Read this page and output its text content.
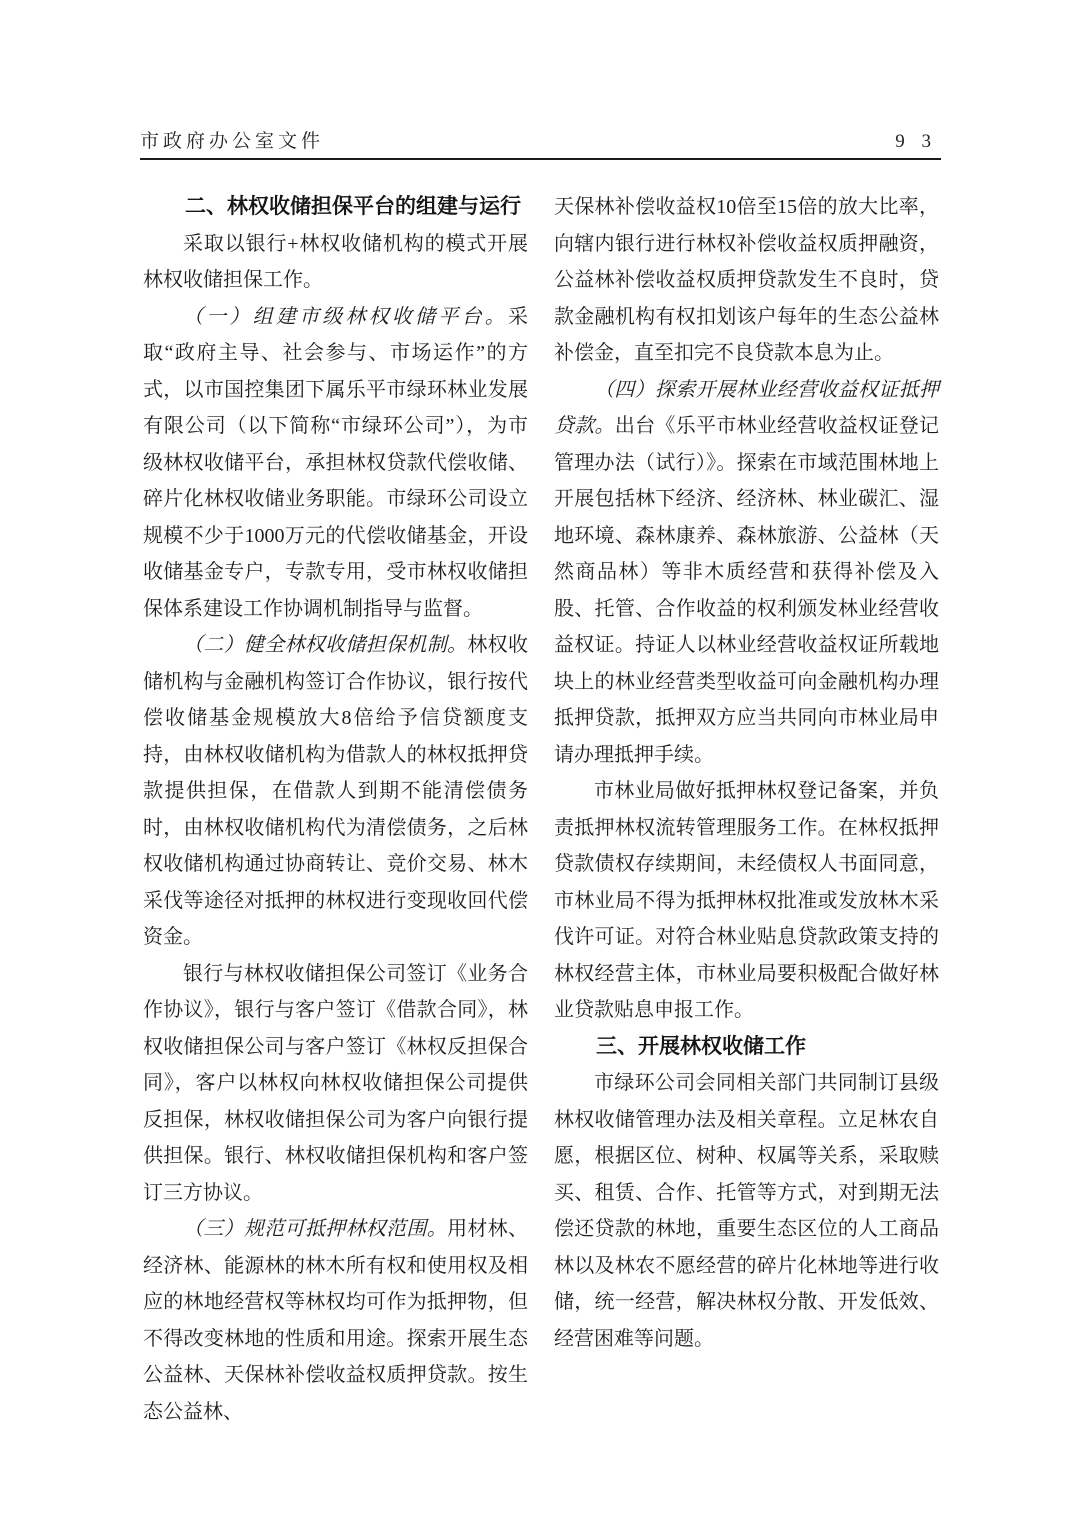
市政府办公室文件	9 3
二、林权收储担保平台的组建与运行

采取以银行+林权收储机构的模式开展林权收储担保工作。

（一）组建市级林权收储平台。采取“政府主导、社会参与、市场运作”的方式，以市国控集团下属乐平市绿环林业发展有限公司（以下简称“市绿环公司”），为市级林权收储平台，承担林权贷款代偿收储、碎片化林权收储业务职能。市绿环公司设立规模不少于1000万元的代偿收储基金，开设收储基金专户，专款专用，受市林权收储担保体系建设工作协调机制指导与监督。

（二）健全林权收储担保机制。林权收储机构与金融机构签订合作协议，银行按代偿收储基金规模放大8倍给予信贷额度支持，由林权收储机构为借款人的林权抵押贷款提供担保，在借款人到期不能清偿债务时，由林权收储机构代为清偿债务，之后林权收储机构通过协商转让、竞价交易、林木采伐等途径对抵押的林权进行变现收回代偿资金。

银行与林权收储担保公司签订《业务合作协议》，银行与客户签订《借款合同》，林权收储担保公司与客户签订《林权反担保合同》，客户以林权向林权收储担保公司提供反担保，林权收储担保公司为客户向银行提供担保。银行、林权收储担保机构和客户签订三方协议。

（三）规范可抵押林权范围。用材林、经济林、能源林的林木所有权和使用权及相应的林地经营权等林权均可作为抵押物，但不得改变林地的性质和用途。探索开展生态公益林、天保林补偿收益权质押贷款。按生态公益林、

天保林补偿收益权10倍至15倍的放大比率，向辖内银行进行林权补偿收益权质押融资，公益林补偿收益权质押贷款发生不良时，贷款金融机构有权扣划该户每年的生态公益林补偿金，直至扣完不良贷款本息为止。

（四）探索开展林业经营收益权证抵押贷款。出台《乐平市林业经营收益权证登记管理办法（试行）》。探索在市域范围林地上开展包括林下经济、经济林、林业碳汇、湿地环境、森林康养、森林旅游、公益林（天然商品林）等非木质经营和获得补偿及入股、托管、合作收益的权利颁发林业经营收益权证。持证人以林业经营收益权证所载地块上的林业经营类型收益可向金融机构办理抵押贷款，抵押双方应当共同向市林业局申请办理抵押手续。

市林业局做好抵押林权登记备案，并负责抵押林权流转管理服务工作。在林权抵押贷款债权存续期间，未经债权人书面同意，市林业局不得为抵押林权批准或发放林木采伐许可证。对符合林业贴息贷款政策支持的林权经营主体，市林业局要积极配合做好林业贷款贴息申报工作。

三、开展林权收储工作

市绿环公司会同相关部门共同制订县级林权收储管理办法及相关章程。立足林农自愿，根据区位、树种、权属等关系，采取赎买、租赁、合作、托管等方式，对到期无法偿还贷款的林地，重要生态区位的人工商品林以及林农不愿经营的碎片化林地等进行收储，统一经营，解决林权分散、开发低效、经营困难等问题。
